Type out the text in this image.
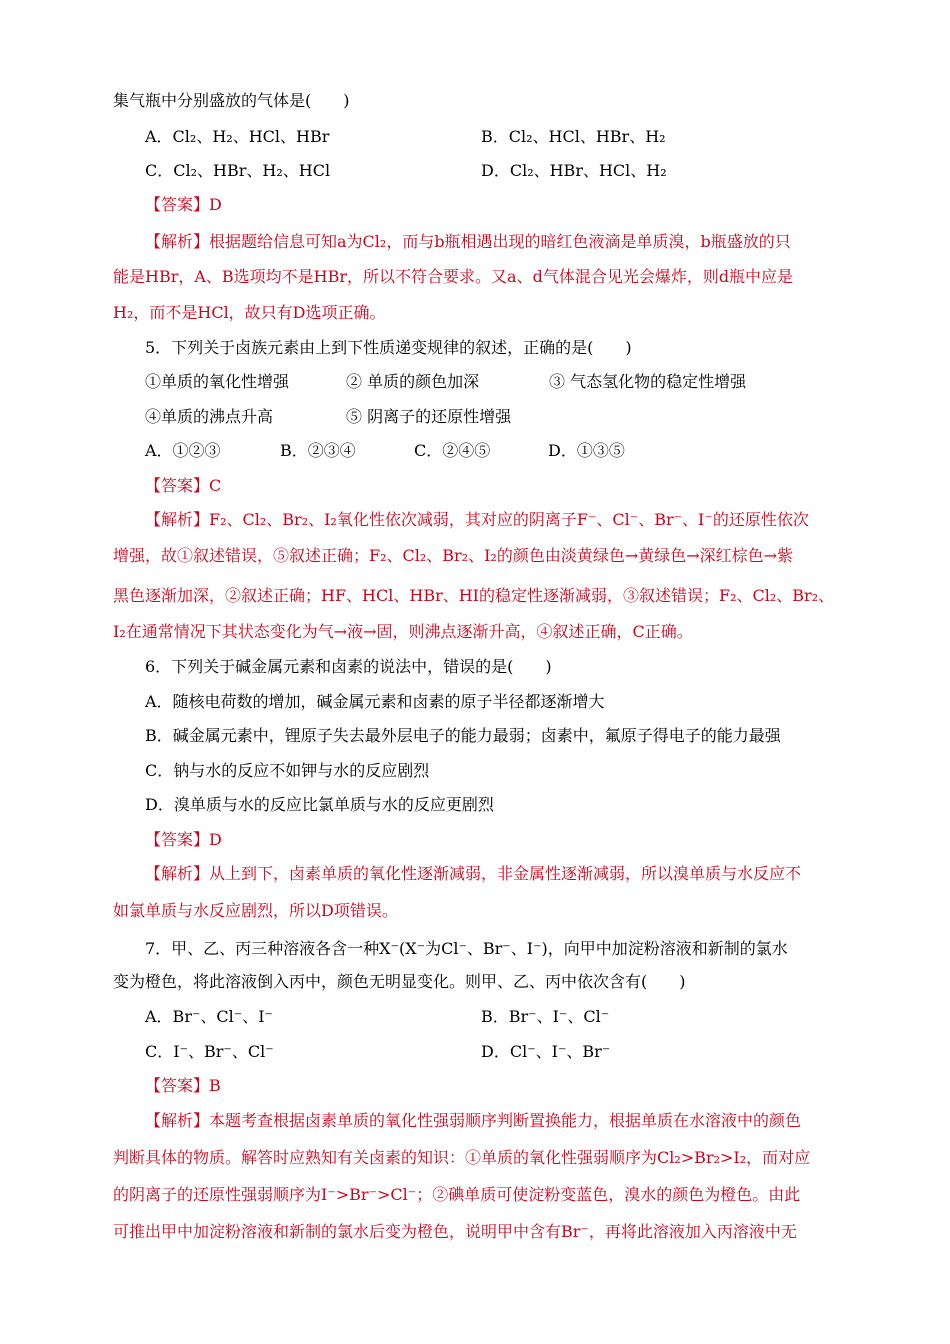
集气瓶中分别盛放的气体是(　　)
A．Cl₂、H₂、HCl、HBr	B．Cl₂、HCl、HBr、H₂
C．Cl₂、HBr、H₂、HCl	D．Cl₂、HBr、HCl、H₂
【答案】D
【解析】根据题给信息可知a为Cl₂，而与b瓶相遇出现的暗红色液滴是单质溴，b瓶盛放的只
能是HBr，A、B选项均不是HBr，所以不符合要求。又a、d气体混合见光会爆炸，则d瓶中应是
H₂，而不是HCl，故只有D选项正确。
5．下列关于卤族元素由上到下性质递变规律的叙述，正确的是(　　)
①单质的氧化性增强	② 单质的颜色加深	③ 气态氢化物的稳定性增强
④单质的沸点升高	⑤ 阴离子的还原性增强
A．①②③	B．②③④	C．②④⑤	D．①③⑤
【答案】C
【解析】F₂、Cl₂、Br₂、I₂氧化性依次减弱，其对应的阴离子F⁻、Cl⁻、Br⁻、I⁻的还原性依次
增强，故①叙述错误，⑤叙述正确；F₂、Cl₂、Br₂、I₂的颜色由淡黄绿色→黄绿色→深红棕色→紫
黑色逐渐加深，②叙述正确；HF、HCl、HBr、HI的稳定性逐渐减弱，③叙述错误；F₂、Cl₂、Br₂、
I₂在通常情况下其状态变化为气→液→固，则沸点逐渐升高，④叙述正确，C正确。
6．下列关于碱金属元素和卤素的说法中，错误的是(　　)
A．随核电荷数的增加，碱金属元素和卤素的原子半径都逐渐增大
B．碱金属元素中，锂原子失去最外层电子的能力最弱；卤素中，氟原子得电子的能力最强
C．钠与水的反应不如钾与水的反应剧烈
D．溴单质与水的反应比氯单质与水的反应更剧烈
【答案】D
【解析】从上到下，卤素单质的氧化性逐渐减弱，非金属性逐渐减弱，所以溴单质与水反应不
如氯单质与水反应剧烈，所以D项错误。
7．甲、乙、丙三种溶液各含一种X⁻(X⁻为Cl⁻、Br⁻、I⁻)，向甲中加淀粉溶液和新制的氯水
变为橙色，将此溶液倒入丙中，颜色无明显变化。则甲、乙、丙中依次含有(　　)
A．Br⁻、Cl⁻、I⁻	B．Br⁻、I⁻、Cl⁻
C．I⁻、Br⁻、Cl⁻	D．Cl⁻、I⁻、Br⁻
【答案】B
【解析】本题考查根据卤素单质的氧化性强弱顺序判断置换能力，根据单质在水溶液中的颜色
判断具体的物质。解答时应熟知有关卤素的知识：①单质的氧化性强弱顺序为Cl₂>Br₂>I₂，而对应
的阴离子的还原性强弱顺序为I⁻>Br⁻>Cl⁻；②碘单质可使淀粉变蓝色，溴水的颜色为橙色。由此
可推出甲中加淀粉溶液和新制的氯水后变为橙色，说明甲中含有Br⁻，再将此溶液加入丙溶液中无
